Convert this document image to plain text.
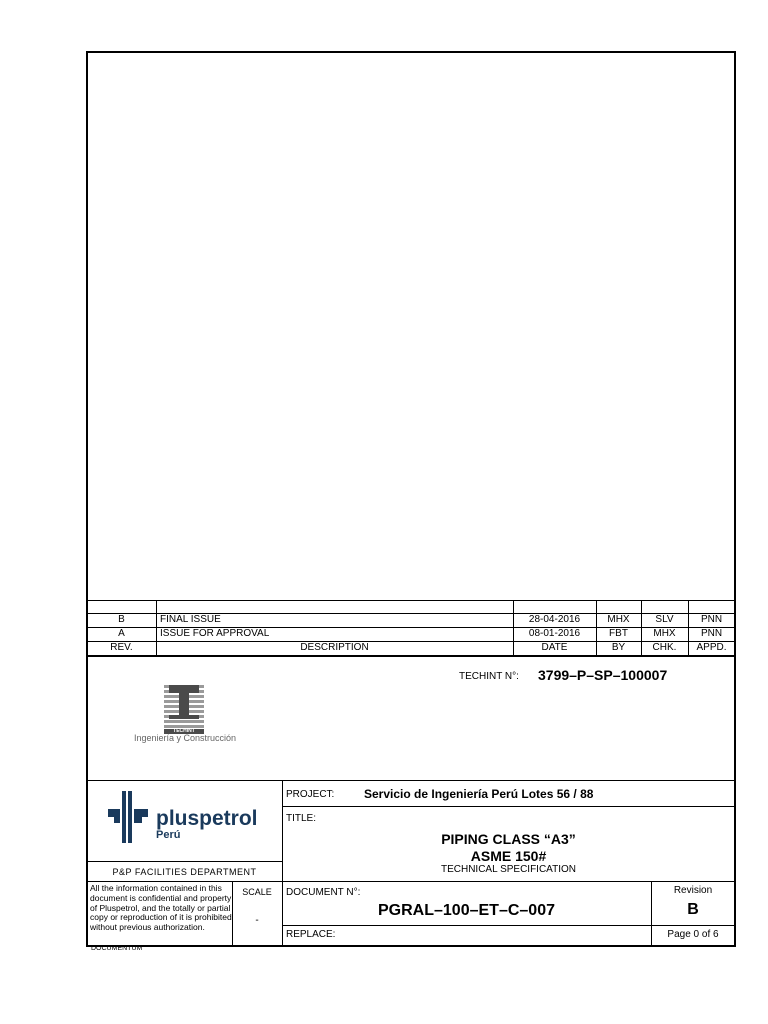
B	FINAL ISSUE	28-04-2016	MHX	SLV	PNN
A	ISSUE FOR APPROVAL	08-01-2016	FBT	MHX	PNN
REV.	DESCRIPTION	DATE	BY	CHK.	APPD.
TECHINT N°: 3799–P–SP–100007
TECHINT
Ingeniería y Construcción
pluspetrol
Perú
P&P FACILITIES DEPARTMENT
PROJECT: Servicio de Ingeniería Perú Lotes 56 / 88
TITLE:
PIPING CLASS “A3”
ASME 150#
TECHNICAL SPECIFICATION
All the information contained in this document is confidential and property of Pluspetrol, and the totally or partial copy or reproduction of it is prohibited without previous authorization.
SCALE
-
DOCUMENT N°:
PGRAL–100–ET–C–007
Revision
B
REPLACE:	Page 0 of 6
DOCUMENTUM
